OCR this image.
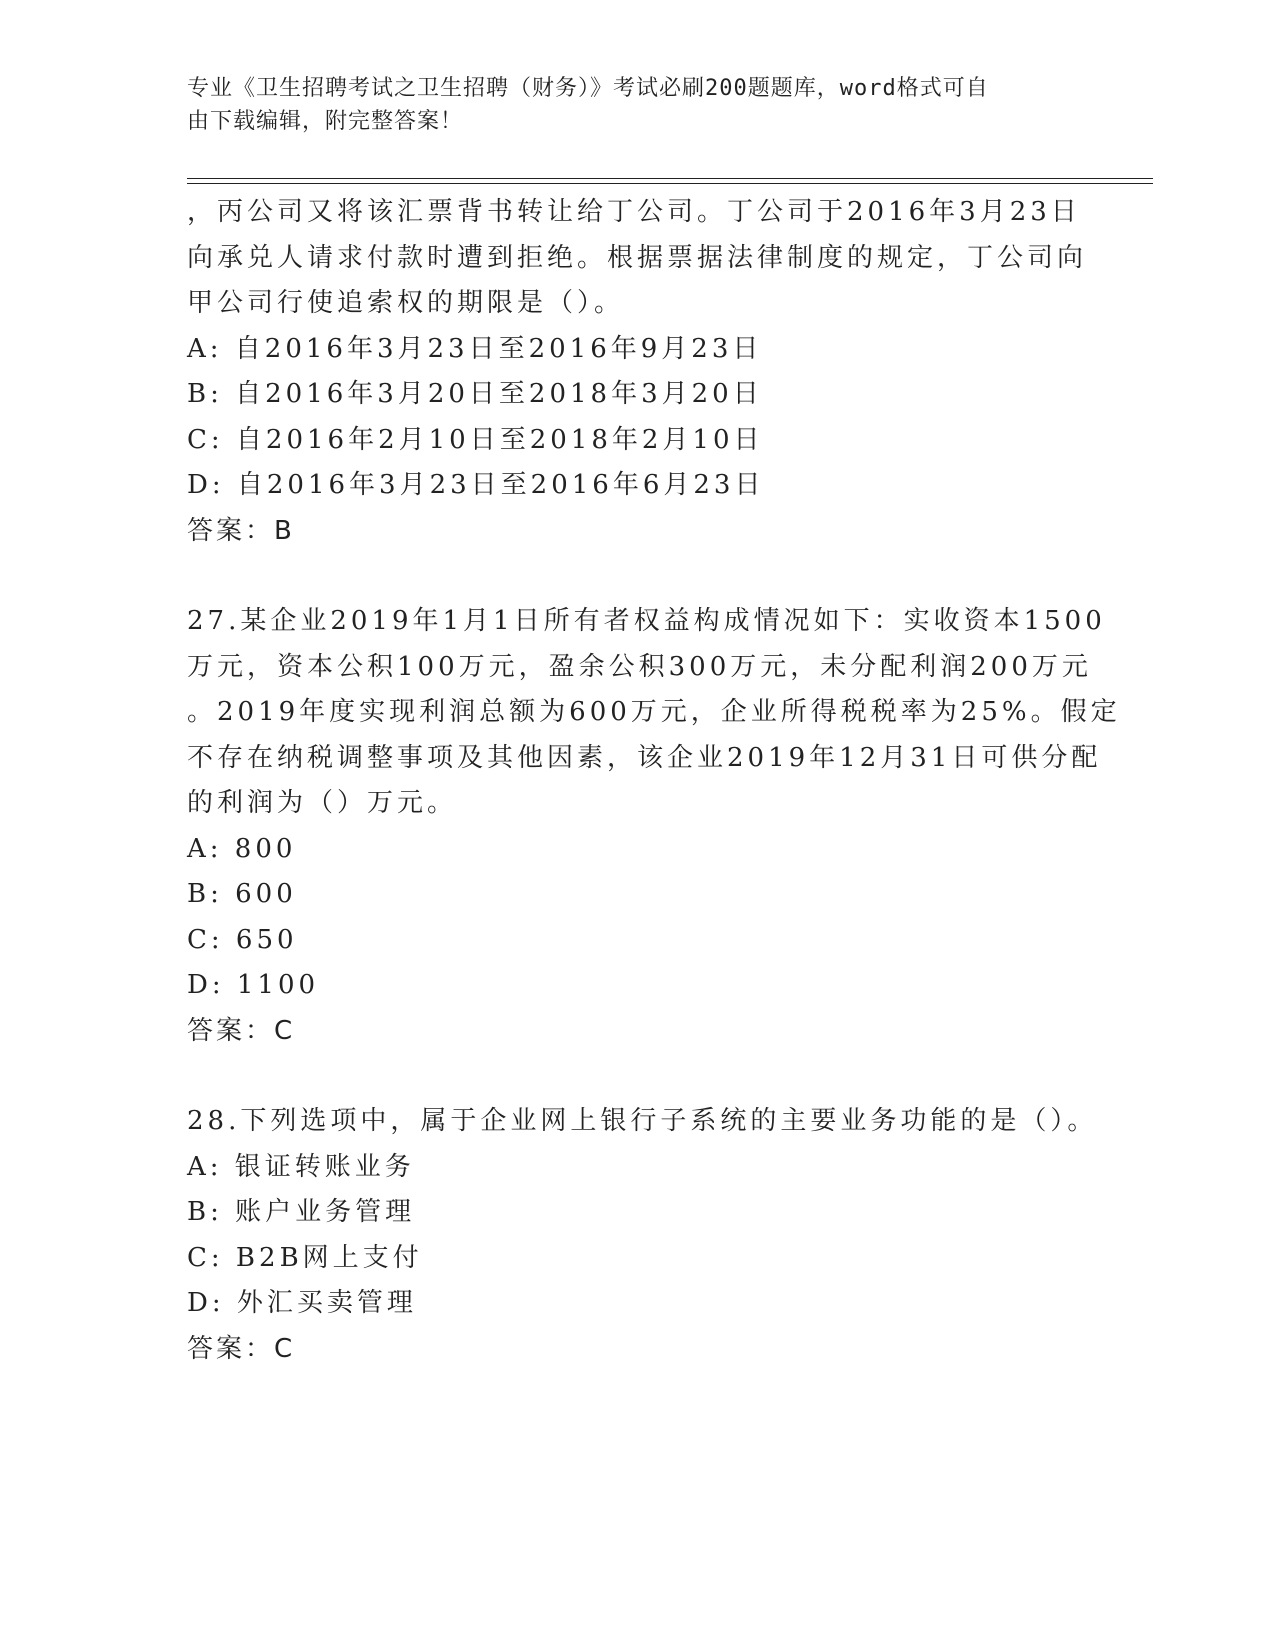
专业《卫生招聘考试之卫生招聘（财务）》考试必刷200题题库，word格式可自
由下载编辑，附完整答案！
，丙公司又将该汇票背书转让给丁公司。丁公司于2016年3月23日
向承兑人请求付款时遭到拒绝。根据票据法律制度的规定，丁公司向
甲公司行使追索权的期限是（）。
A: 自2016年3月23日至2016年9月23日
B: 自2016年3月20日至2018年3月20日
C: 自2016年2月10日至2018年2月10日
D: 自2016年3月23日至2016年6月23日
答案：B
27.某企业2019年1月1日所有者权益构成情况如下：实收资本1500
万元，资本公积100万元，盈余公积300万元，未分配利润200万元
。2019年度实现利润总额为600万元，企业所得税税率为25%。假定
不存在纳税调整事项及其他因素，该企业2019年12月31日可供分配
的利润为（）万元。
A: 800
B: 600
C: 650
D: 1100
答案：C
28.下列选项中，属于企业网上银行子系统的主要业务功能的是（）。
A: 银证转账业务
B: 账户业务管理
C: B2B网上支付
D: 外汇买卖管理
答案：C
